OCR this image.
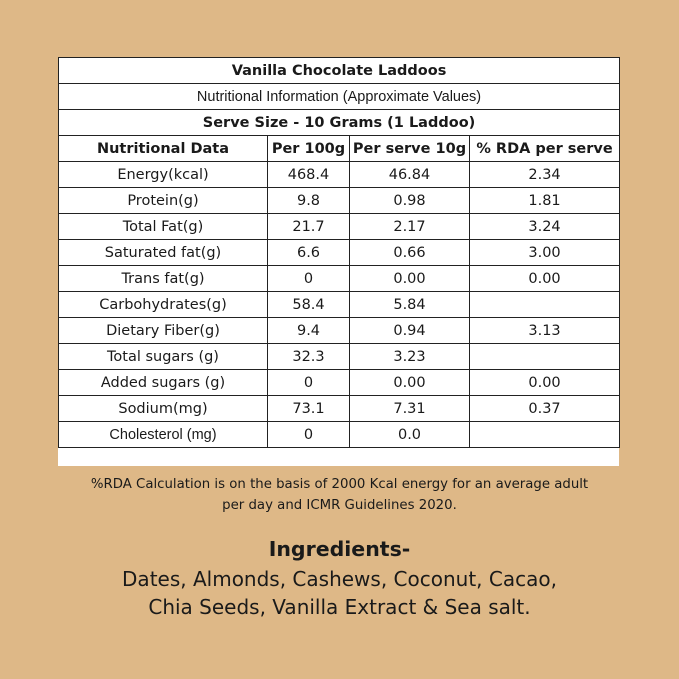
Vanilla Chocolate Laddoos			
Nutritional Information (Approximate Values)			
Serve Size - 10 Grams (1 Laddoo)			
Nutritional Data	Per 100g	Per serve 10g	% RDA per serve
Energy(kcal)	468.4	46.84	2.34
Protein(g)	9.8	0.98	1.81
Total Fat(g)	21.7	2.17	3.24
Saturated fat(g)	6.6	0.66	3.00
Trans fat(g)	0	0.00	0.00
Carbohydrates(g)	58.4	5.84	
Dietary Fiber(g)	9.4	0.94	3.13
Total sugars (g)	32.3	3.23	
Added sugars (g)	0	0.00	0.00
Sodium(mg)	73.1	7.31	0.37
Cholesterol (mg)	0	0.0	
%RDA Calculation is on the basis of 2000 Kcal energy for an average adult
per day and ICMR Guidelines 2020.
Ingredients-
Dates, Almonds, Cashews, Coconut, Cacao,
Chia Seeds, Vanilla Extract & Sea salt.
